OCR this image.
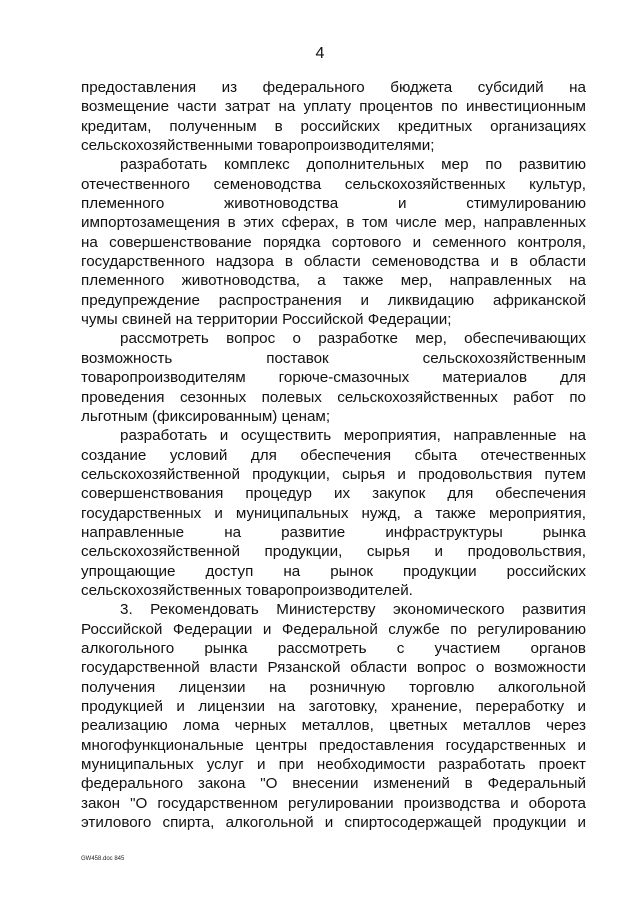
4
предоставления из федерального бюджета субсидий на
возмещение части затрат на уплату процентов по инвестиционным
кредитам, полученным в российских кредитных организациях
сельскохозяйственными товаропроизводителями;
разработать комплекс дополнительных мер по развитию
отечественного семеноводства сельскохозяйственных культур,
племенного животноводства и стимулированию
импортозамещения в этих сферах, в том числе мер, направленных
на совершенствование порядка сортового и семенного контроля,
государственного надзора в области семеноводства и в области
племенного животноводства, а также мер, направленных на
предупреждение распространения и ликвидацию африканской
чумы свиней на территории Российской Федерации;
рассмотреть вопрос о разработке мер, обеспечивающих
возможность поставок сельскохозяйственным
товаропроизводителям горюче-смазочных материалов для
проведения сезонных полевых сельскохозяйственных работ по
льготным (фиксированным) ценам;
разработать и осуществить мероприятия, направленные на
создание условий для обеспечения сбыта отечественных
сельскохозяйственной продукции, сырья и продовольствия путем
совершенствования процедур их закупок для обеспечения
государственных и муниципальных нужд, а также мероприятия,
направленные на развитие инфраструктуры рынка
сельскохозяйственной продукции, сырья и продовольствия,
упрощающие доступ на рынок продукции российских
сельскохозяйственных товаропроизводителей.
3. Рекомендовать Министерству экономического развития
Российской Федерации и Федеральной службе по регулированию
алкогольного рынка рассмотреть с участием органов
государственной власти Рязанской области вопрос о возможности
получения лицензии на розничную торговлю алкогольной
продукцией и лицензии на заготовку, хранение, переработку и
реализацию лома черных металлов, цветных металлов через
многофункциональные центры предоставления государственных и
муниципальных услуг и при необходимости разработать проект
федерального закона "О внесении изменений в Федеральный
закон "О государственном регулировании производства и оборота
этилового спирта, алкогольной и спиртосодержащей продукции и
GW458.doc 845
